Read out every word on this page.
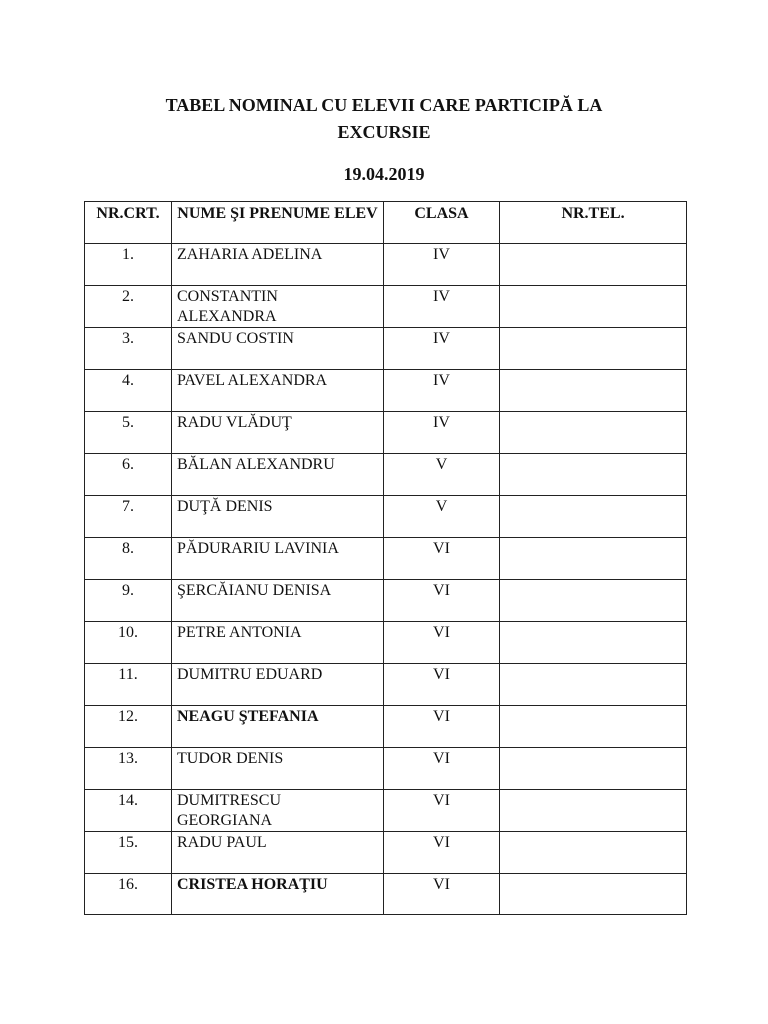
TABEL NOMINAL CU ELEVII CARE PARTICIPĂ LA
EXCURSIE
19.04.2019
NR.CRT.	NUME ŞI PRENUME ELEV	CLASA	NR.TEL.
1.	ZAHARIA ADELINA	IV	
2.	CONSTANTIN ALEXANDRA	IV	
3.	SANDU COSTIN	IV	
4.	PAVEL ALEXANDRA	IV	
5.	RADU VLĂDUŢ	IV	
6.	BĂLAN ALEXANDRU	V	
7.	DUŢĂ DENIS	V	
8.	PĂDURARIU LAVINIA	VI	
9.	ŞERCĂIANU DENISA	VI	
10.	PETRE ANTONIA	VI	
11.	DUMITRU EDUARD	VI	
12.	NEAGU ŞTEFANIA	VI	
13.	TUDOR DENIS	VI	
14.	DUMITRESCU GEORGIANA	VI	
15.	RADU PAUL	VI	
16.	CRISTEA HORAŢIU	VI	
